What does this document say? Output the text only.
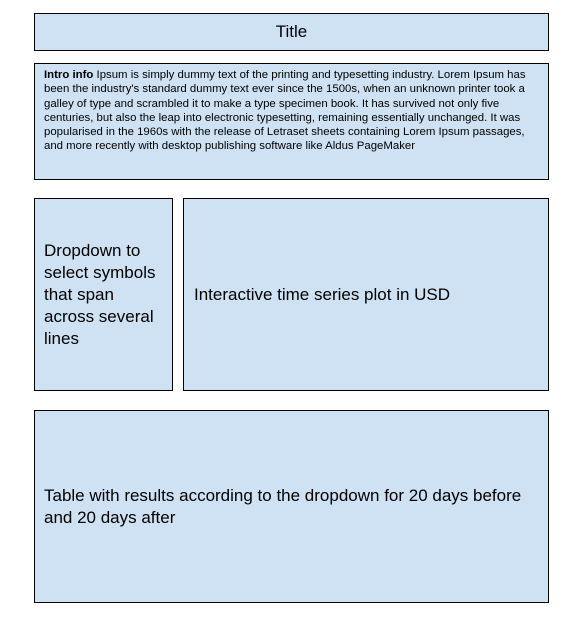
Title
Intro info Ipsum is simply dummy text of the printing and typesetting industry. Lorem Ipsum has been the industry's standard dummy text ever since the 1500s, when an unknown printer took a galley of type and scrambled it to make a type specimen book. It has survived not only five centuries, but also the leap into electronic typesetting, remaining essentially unchanged. It was popularised in the 1960s with the release of Letraset sheets containing Lorem Ipsum passages, and more recently with desktop publishing software like Aldus PageMaker
Dropdown to select symbols that span across several lines
Interactive time series plot in USD
Table with results according to the dropdown for 20 days before and 20 days after
